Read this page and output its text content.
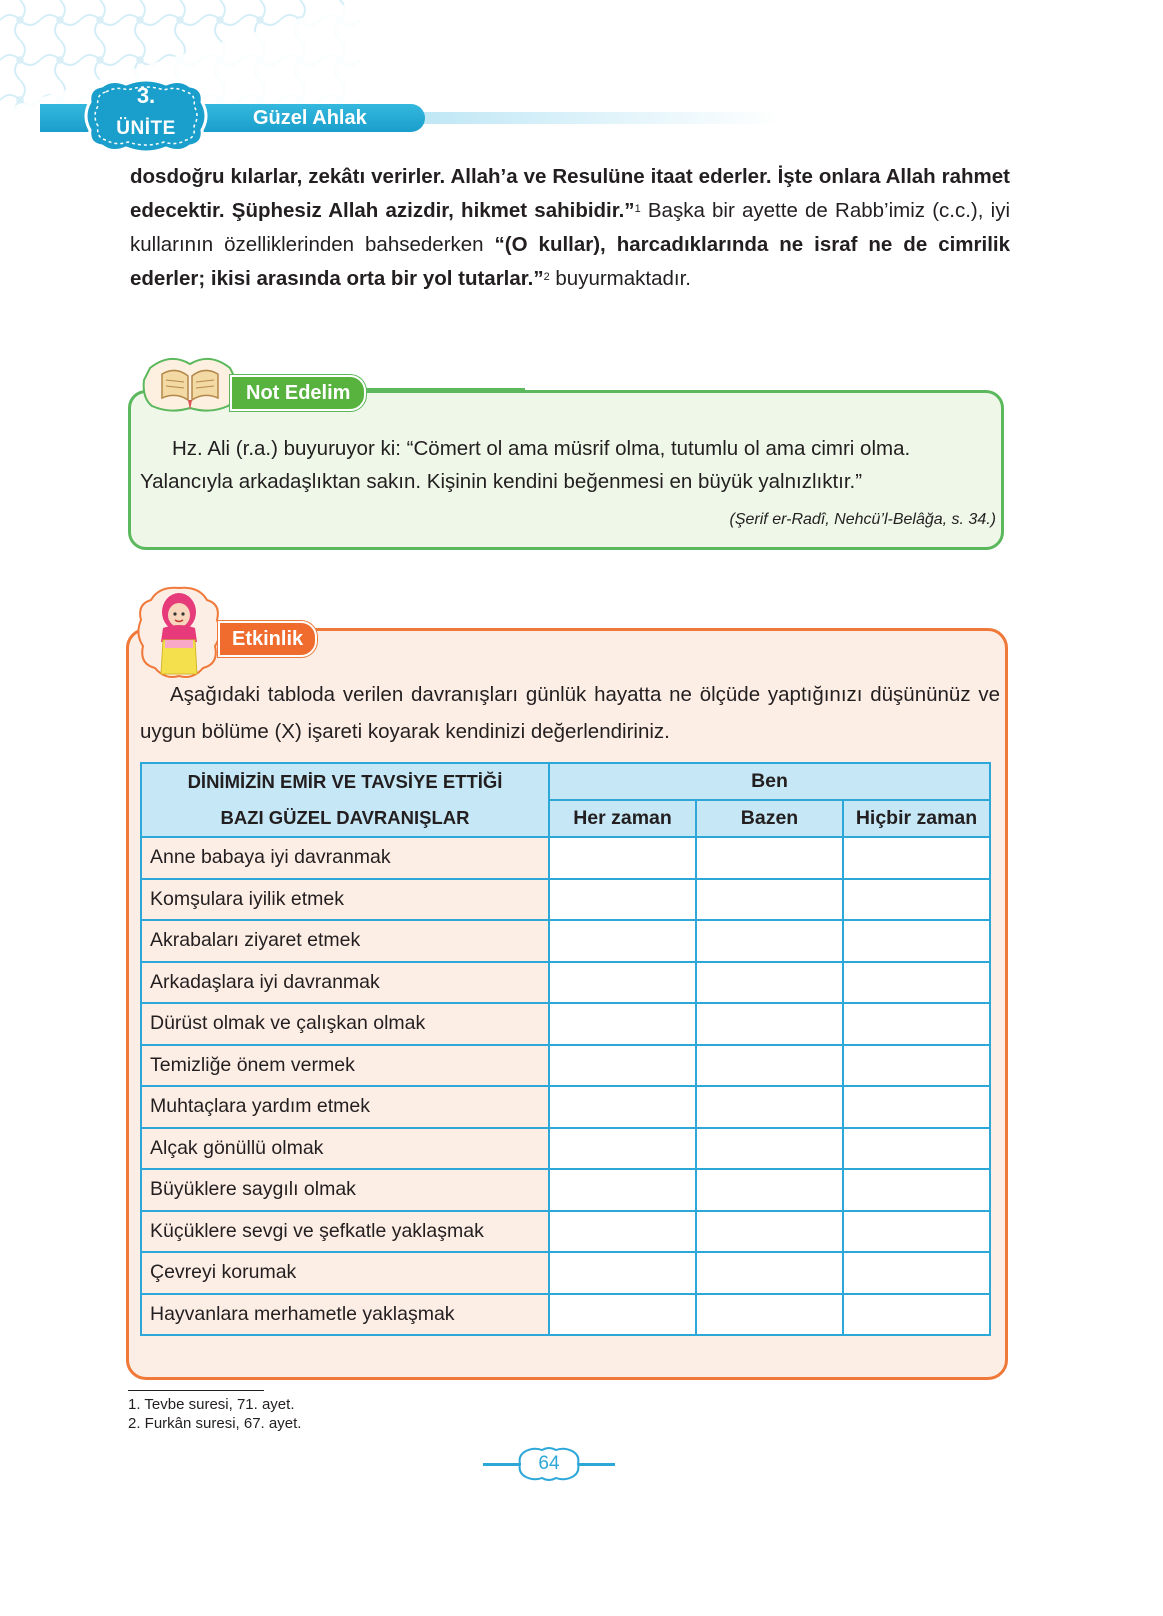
3.
ÜNİTE	Güzel Ahlak
dosdoğru kılarlar, zekâtı verirler. Allah’a ve Resulüne itaat ederler. İşte onlara Allah rahmet edecektir. Şüphesiz Allah azizdir, hikmet sahibidir.”$^1$ Başka bir ayette de Rabb’imiz (c.c.), iyi kullarının özelliklerinden bahsederken “(O kullar), harcadıklarında ne israf ne de cimrilik ederler; ikisi arasında orta bir yol tutarlar.”$^2$ buyurmaktadır.
Not Edelim
Hz. Ali (r.a.) buyuruyor ki: “Cömert ol ama müsrif olma, tutumlu ol ama cimri olma. Yalancıyla arkadaşlıktan sakın. Kişinin kendini beğenmesi en büyük yalnızlıktır.”
(Şerif er-Radî, Nehcü’l-Belâğa, s. 34.)
Etkinlik
Aşağıdaki tabloda verilen davranışları günlük hayatta ne ölçüde yaptığınızı düşününüz ve uygun bölüme (X) işareti koyarak kendinizi değerlendiriniz.
DİNİMİZİN EMİR VE TAVSİYE ETTİĞİ
BAZI GÜZEL DAVRANIŞLAR	Ben		
	Her zaman	Bazen	Hiçbir zaman
Anne babaya iyi davranmak			
Komşulara iyilik etmek			
Akrabaları ziyaret etmek			
Arkadaşlara iyi davranmak			
Dürüst olmak ve çalışkan olmak			
Temizliğe önem vermek			
Muhtaçlara yardım etmek			
Alçak gönüllü olmak			
Büyüklere saygılı olmak			
Küçüklere sevgi ve şefkatle yaklaşmak			
Çevreyi korumak			
Hayvanlara merhametle yaklaşmak			
1. Tevbe suresi, 71. ayet.
2. Furkân suresi, 67. ayet.
64
